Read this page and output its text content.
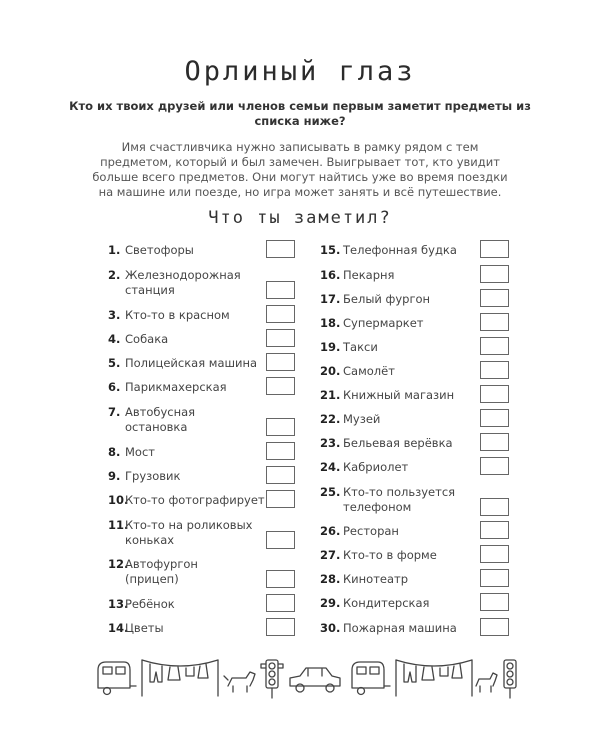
Орлиный глаз
Кто их твоих друзей или членов семьи первым заметит предметы из списка ниже?
Имя счастливчика нужно записывать в рамку рядом с тем предметом, который и был замечен. Выигрывает тот, кто увидит больше всего предметов. Они могут найтись уже во время поездки на машине или поезде, но игра может занять и всё путешествие.
Что ты заметил?
1. Светофоры
2. Железнодорожная
станция
3. Кто-то в красном
4. Собака
5. Полицейская машина
6. Парикмахерская
7. Автобусная
остановка
8. Мост
9. Грузовик
10.
Кто-то фотографирует
11.
Кто-то на роликовых
коньках
12.
Автофургон
(прицеп)
13.
Ребёнок
14.
Цветы
15. Телефонная будка
16. Пекарня
17. Белый фургон
18. Супермаркет
19. Такси
20. Самолёт
21. Книжный магазин
22. Музей
23. Бельевая верёвка
24. Кабриолет
25. Кто-то пользуется
телефоном
26. Ресторан
27. Кто-то в форме
28. Кинотеатр
29. Кондитерская
30. Пожарная машина
